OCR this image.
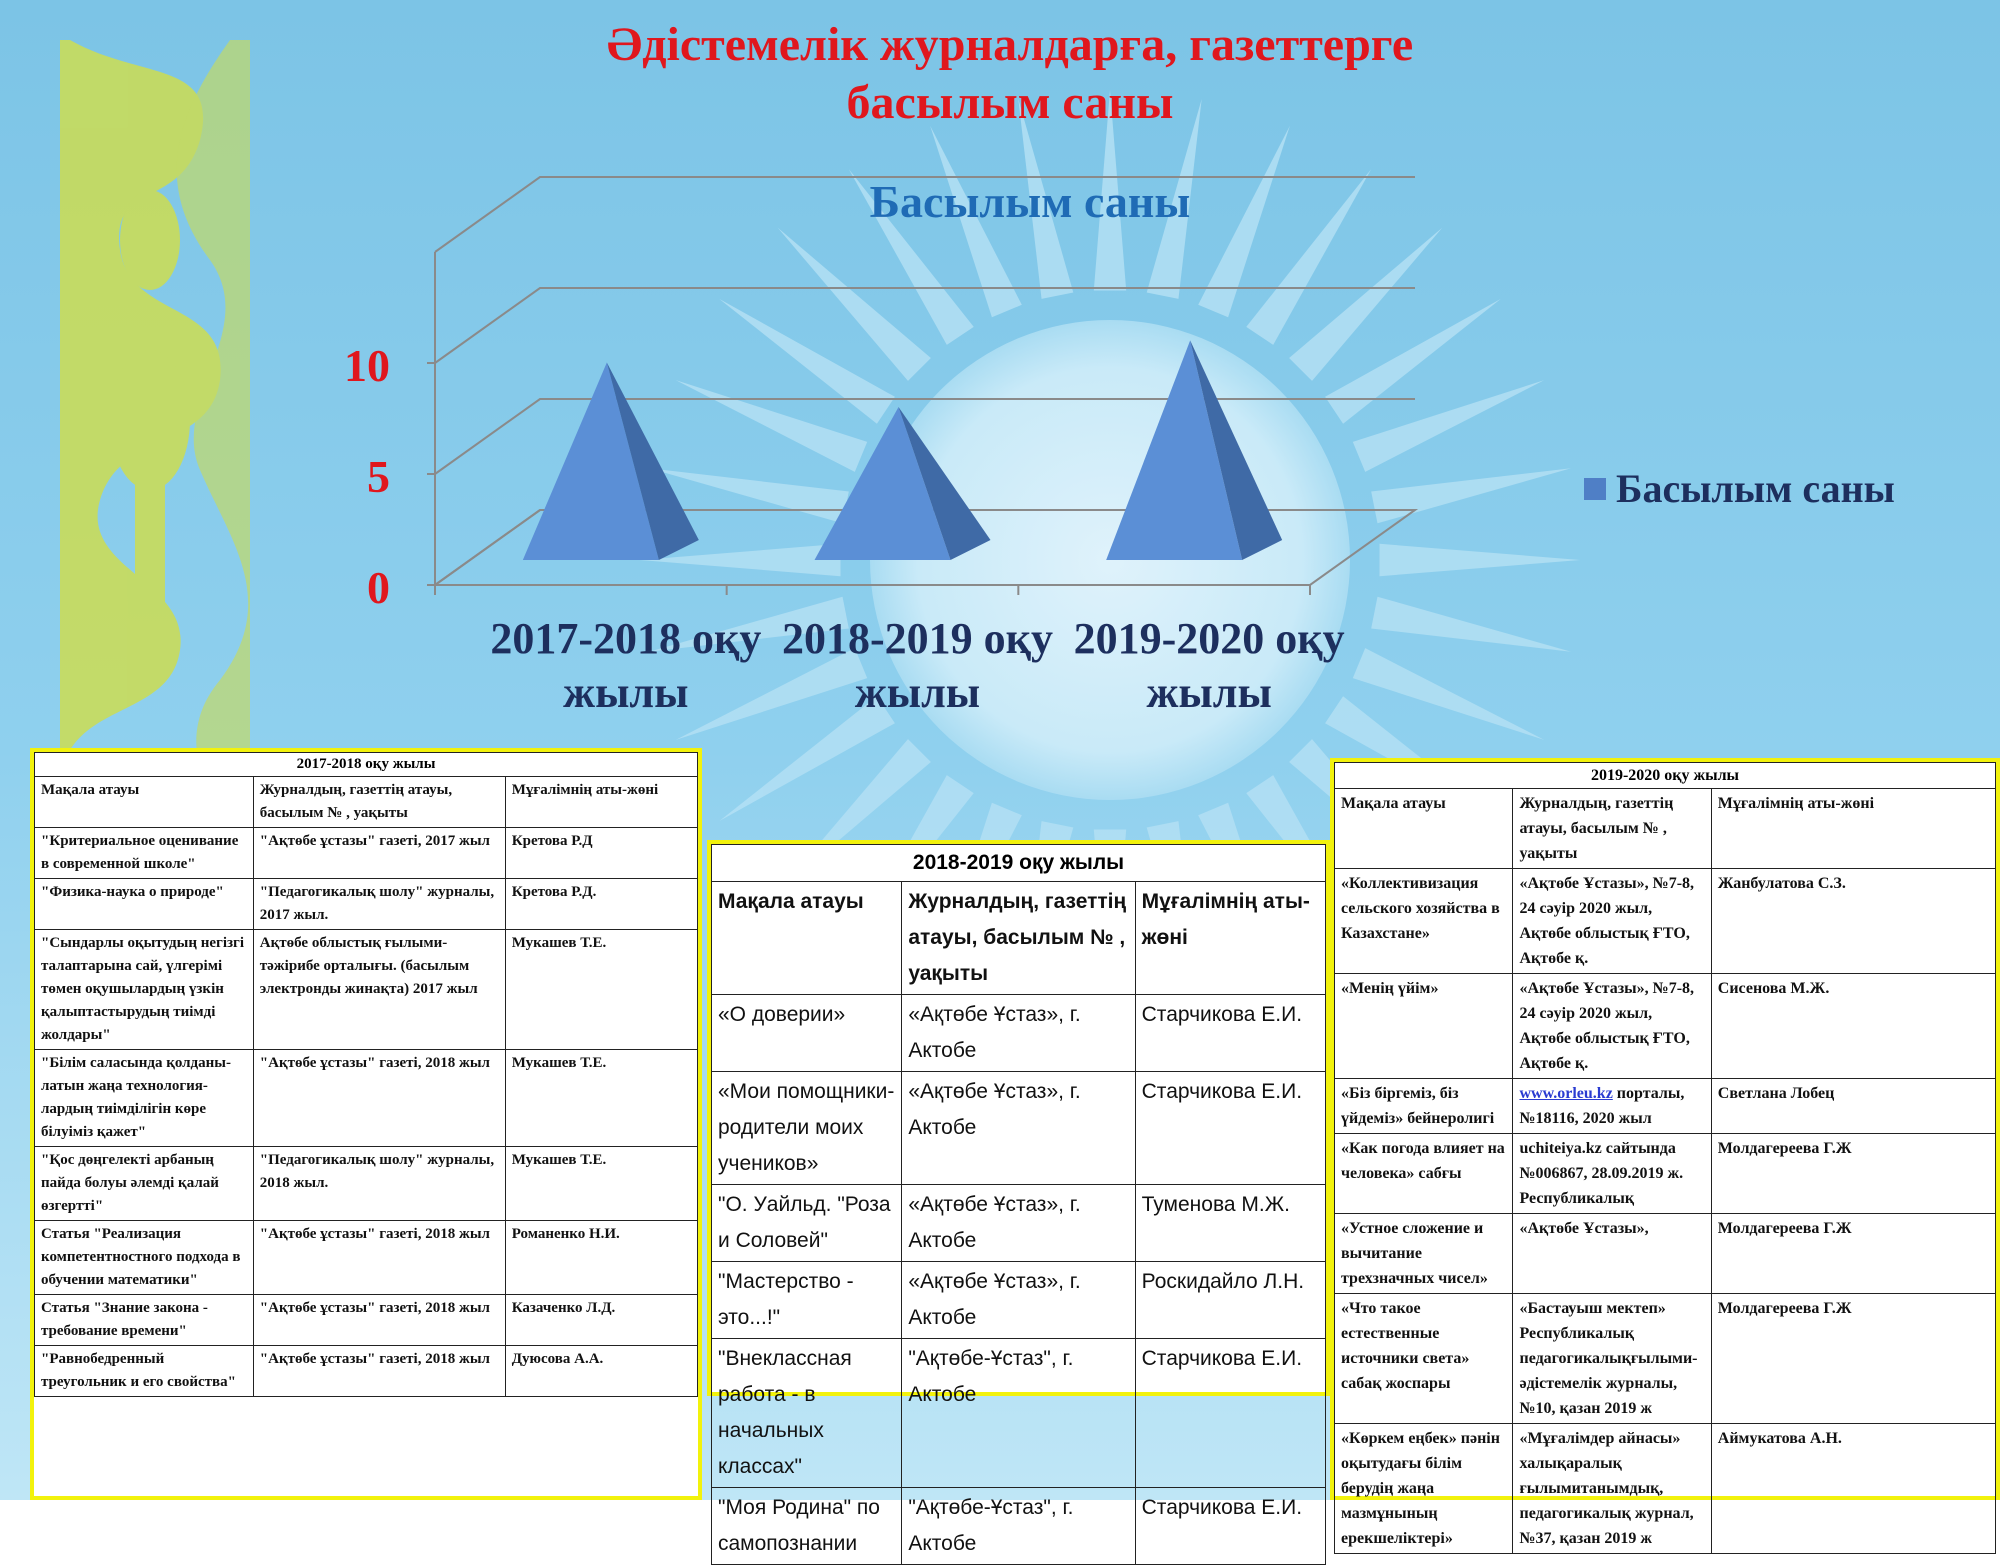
Әдістемелік журналдарға, газеттерге
басылым саны
Басылым саны
0
5
10
2017-2018 оқу
жылы
2018-2019 оқу
жылы
2019-2020 оқу
жылы
Басылым саны
2017-2018 оқу жылы
Мақала атауы	Журналдың, газеттің атауы, басылым № , уақыты	Мұғалімнің аты-жөні
"Критериальное оценивание в современной школе"	"Ақтөбе ұстазы" газеті, 2017 жыл	Кретова Р.Д
"Физика-наука о природе"	"Педагогикалық шолу" журналы, 2017 жыл.	Кретова Р.Д.
"Сындарлы оқытудың негізгі талаптарына сай, үлгерімі төмен оқушылардың үзкін қалыптастырудың тиімді жолдары"	Ақтөбе облыстық ғылыми-тәжірибе орталығы. (басылым электронды жинақта) 2017 жыл	Мукашев Т.Е.
"Білім саласында қолданы-латын жаңа технология-лардың тиімділігін көре білуіміз қажет"	"Ақтөбе ұстазы" газеті, 2018 жыл	Мукашев Т.Е.
"Қос дөңгелекті арбаның пайда болуы әлемді қалай өзгертті"	"Педагогикалық шолу" журналы, 2018 жыл.	Мукашев Т.Е.
Статья "Реализация компетентностного подхода в обучении математики"	"Ақтөбе ұстазы" газеті, 2018 жыл	Романенко Н.И.
Статья "Знание закона - требование времени"	"Ақтөбе ұстазы" газеті, 2018 жыл	Казаченко Л.Д.
"Равнобедренный треугольник и его свойства"	"Ақтөбе ұстазы" газеті, 2018 жыл	Дуюсова А.А.
2018-2019 оқу жылы
Мақала атауы	Журналдың, газеттің атауы, басылым № , уақыты	Мұғалімнің аты-жөні
«О доверии»	«Ақтөбе Ұстаз», г. Актобе	Старчикова Е.И.
«Мои помощники- родители моих учеников»	«Ақтөбе Ұстаз», г. Актобе	Старчикова Е.И.
"О. Уайльд. "Роза и Соловей"	«Ақтөбе Ұстаз», г. Актобе	Туменова М.Ж.
"Мастерство - это...!"	«Ақтөбе Ұстаз», г. Актобе	Роскидайло Л.Н.
"Внеклассная работа - в начальных классах"	"Ақтөбе-Ұстаз", г. Актобе	Старчикова Е.И.
"Моя Родина" по самопознании	"Ақтөбе-Ұстаз", г. Актобе	Старчикова Е.И.
2019-2020 оқу жылы
Мақала атауы	Журналдың, газеттің атауы, басылым № , уақыты	Мұғалімнің аты-жөні
«Коллективизация сельского хозяйства в Казахстане»	«Ақтөбе Ұстазы», №7-8, 24 сәуір 2020 жыл, Ақтөбе облыстық ҒТО, Ақтөбе қ.	Жанбулатова С.З.
«Менің үйім»	«Ақтөбе Ұстазы», №7-8, 24 сәуір 2020 жыл, Ақтөбе облыстық ҒТО, Ақтөбе қ.	Сисенова М.Ж.
«Біз біргеміз, біз үйдеміз» бейнеролигі	www.orleu.kz порталы, №18116, 2020 жыл	Светлана Лобец
«Как погода влияет на человека» сабғы	uchiteiya.kz сайтында №006867, 28.09.2019 ж. Республикалық	Молдагереева Г.Ж
«Устное сложение и вычитание трехзначных чисел»	«Ақтөбе Ұстазы»,	Молдагереева Г.Ж
«Что такое естественные источники света» сабақ жоспары	«Бастауыш мектеп» Республикалық педагогикалықғылыми-әдістемелік журналы, №10, қазан 2019 ж	Молдагереева Г.Ж
«Көркем еңбек» пәнін оқытудағы білім берудің жаңа мазмұнының ерекшеліктері»	«Мұғалімдер айнасы» халықаралық ғылымитанымдық, педагогикалық журнал, №37, қазан 2019 ж	Аймукатова А.Н.
